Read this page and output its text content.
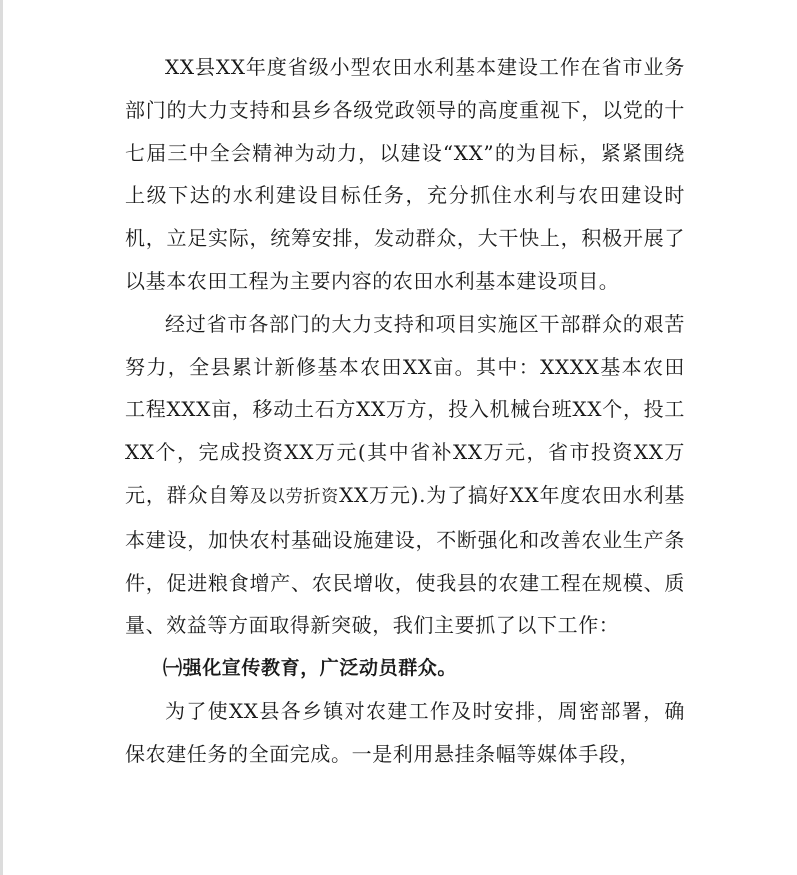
XX县XX年度省级小型农田水利基本建设工作在省市业务部门的大力支持和县乡各级党政领导的高度重视下，以党的十七届三中全会精神为动力，以建设“XX”的为目标，紧紧围绕上级下达的水利建设目标任务，充分抓住水利与农田建设时机，立足实际，统筹安排，发动群众，大干快上，积极开展了以基本农田工程为主要内容的农田水利基本建设项目。

经过省市各部门的大力支持和项目实施区干部群众的艰苦努力，全县累计新修基本农田XX亩。其中：XXXX基本农田工程XXX亩，移动土石方XX万方，投入机械台班XX个，投工XX个，完成投资XX万元(其中省补XX万元，省市投资XX万元，群众自筹及以劳折资XX万元).为了搞好XX年度农田水利基本建设，加快农村基础设施建设，不断强化和改善农业生产条件，促进粮食增产、农民增收，使我县的农建工程在规模、质量、效益等方面取得新突破，我们主要抓了以下工作：

㈠强化宣传教育，广泛动员群众。

为了使XX县各乡镇对农建工作及时安排，周密部署，确保农建任务的全面完成。一是利用悬挂条幅等媒体手段，
